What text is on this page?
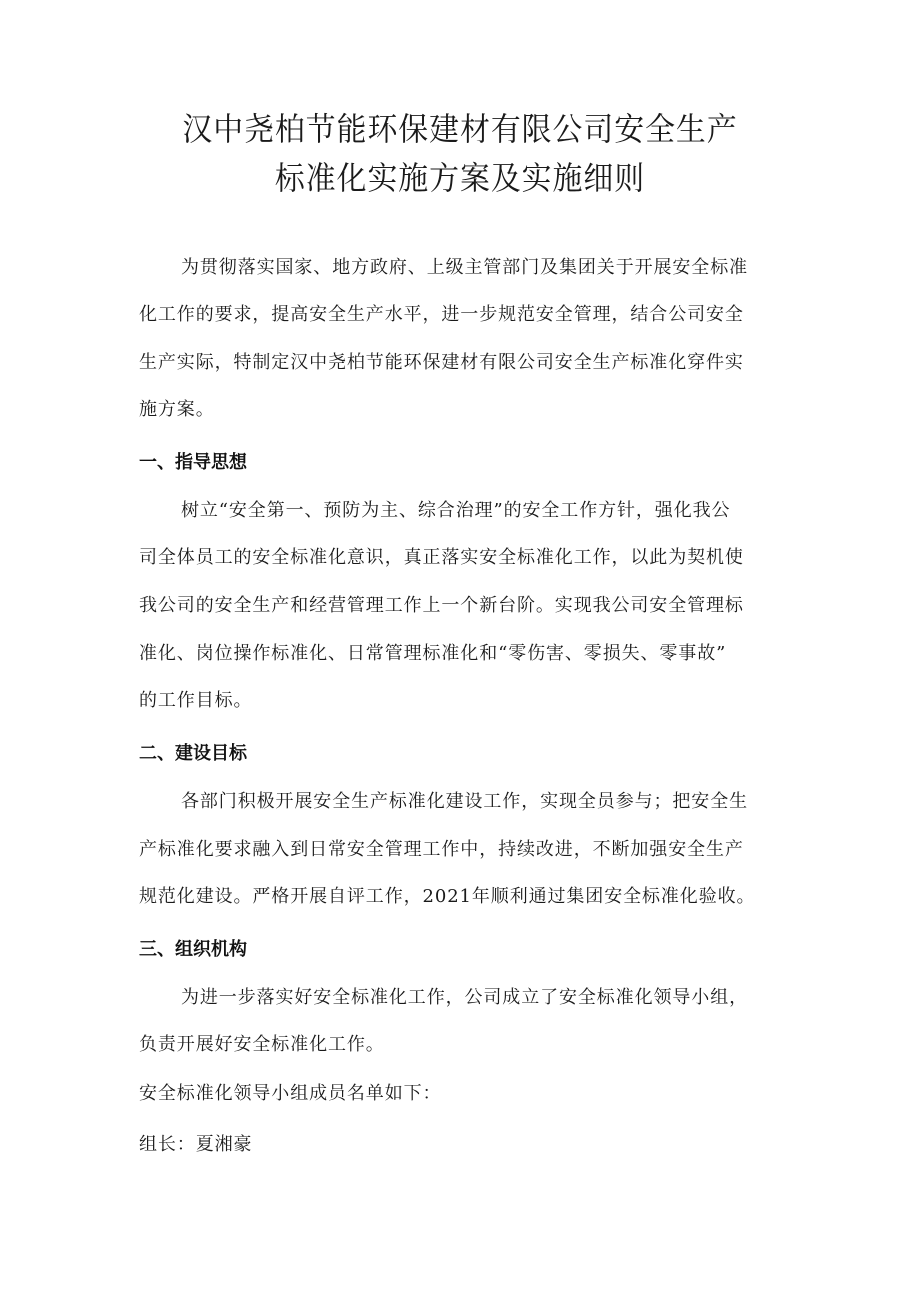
汉中尧柏节能环保建材有限公司安全生产
标准化实施方案及实施细则
为贯彻落实国家、地方政府、上级主管部门及集团关于开展安全标准
化工作的要求，提高安全生产水平，进一步规范安全管理，结合公司安全
生产实际，特制定汉中尧柏节能环保建材有限公司安全生产标准化穿件实
施方案。
一、指导思想
树立“安全第一、预防为主、综合治理”的安全工作方针，强化我公
司全体员工的安全标准化意识，真正落实安全标准化工作，以此为契机使
我公司的安全生产和经营管理工作上一个新台阶。实现我公司安全管理标
准化、岗位操作标准化、日常管理标准化和“零伤害、零损失、零事故”
的工作目标。
二、建设目标
各部门积极开展安全生产标准化建设工作，实现全员参与；把安全生
产标准化要求融入到日常安全管理工作中，持续改进，不断加强安全生产
规范化建设。严格开展自评工作，2021年顺利通过集团安全标准化验收。
三、组织机构
为进一步落实好安全标准化工作，公司成立了安全标准化领导小组，
负责开展好安全标准化工作。
安全标准化领导小组成员名单如下：
组长：夏湘豪
